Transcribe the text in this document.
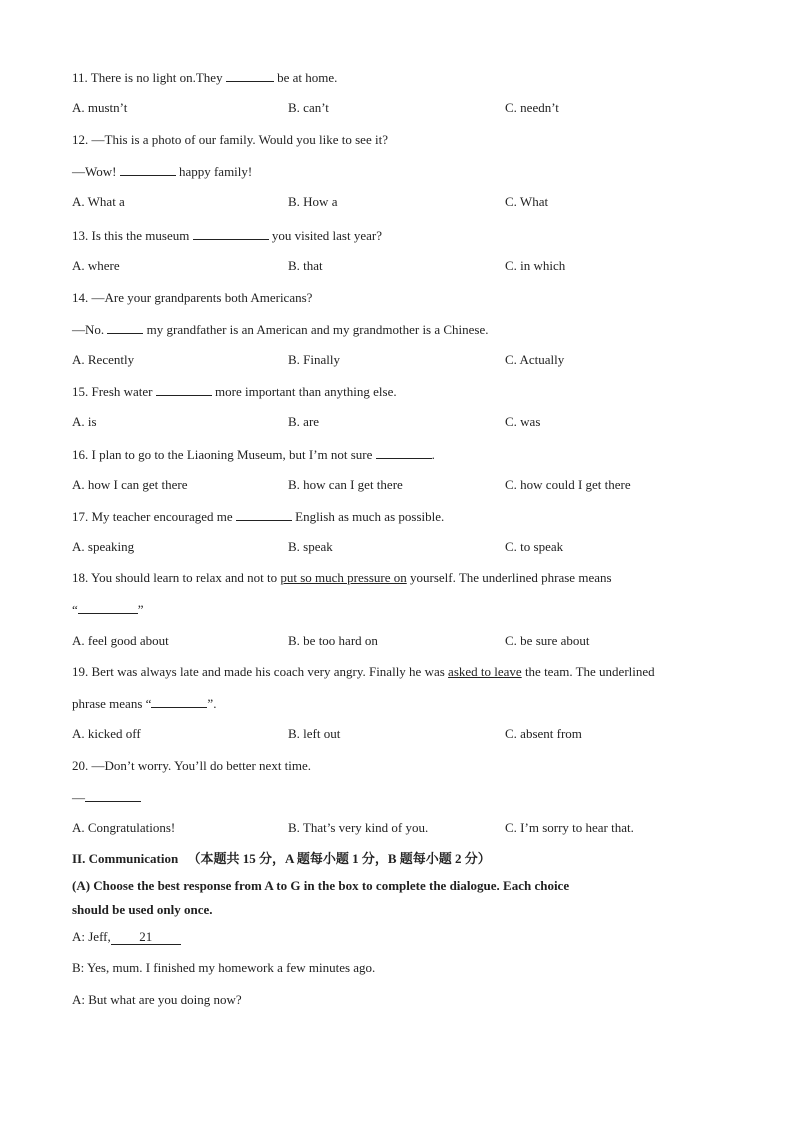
11. There is no light on.They	be at home.
A. mustn’t	B. can’t	C. needn’t
12. —This is a photo of our family. Would you like to see it?
—Wow!	happy family!
A. What a	B. How a	C. What
13. Is this the museum	you visited last year?
A. where	B. that	C. in which
14. —Are your grandparents both Americans?
—No.	my grandfather is an American and my grandmother is a Chinese.
A. Recently	B. Finally	C. Actually
15. Fresh water	more important than anything else.
A. is	B. are	C. was
16. I plan to go to the Liaoning Museum, but I’m not sure	.
A. how I can get there	B. how can I get there	C. how could I get there
17. My teacher encouraged me	English as much as possible.
A. speaking	B. speak	C. to speak
18. You should learn to relax and not to put so much pressure on yourself. The underlined phrase means
“	”
A. feel good about	B. be too hard on	C. be sure about
19. Bert was always late and made his coach very angry. Finally he was asked to leave the team. The underlined
phrase means “	”.
A. kicked off	B. left out	C. absent from
20. —Don’t worry. You’ll do better next time.
—
A. Congratulations!	B. That’s very kind of you.	C. I’m sorry to hear that.
II. Communication （本题共 15 分，A 题每小题 1 分，B 题每小题 2 分）
(A) Choose the best response from A to G in the box to complete the dialogue. Each choice
should be used only once.
A: Jeff, 21
B: Yes, mum. I finished my homework a few minutes ago.
A: But what are you doing now?
